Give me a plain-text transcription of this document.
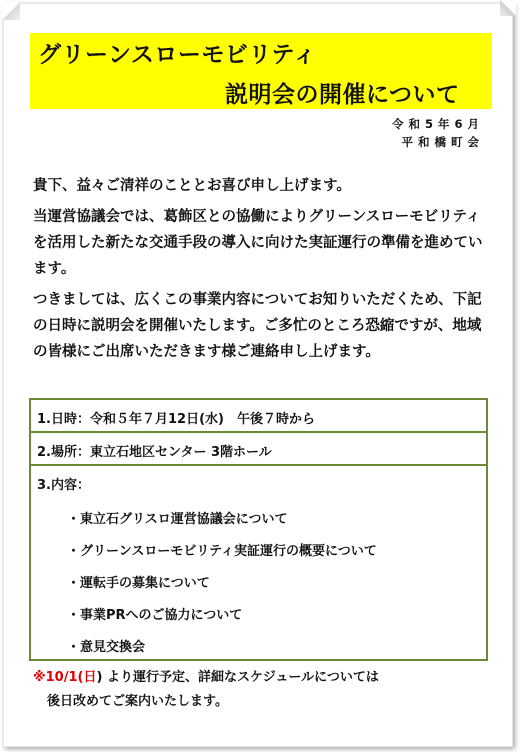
グリーンスローモビリティ
説明会の開催について
令和5年6月
平和橋町会

貴下、益々ご清祥のこととお喜び申し上げます。

当運営協議会では、葛飾区との協働によりグリーンスローモビリティを活用した新たな交通手段の導入に向けた実証運行の準備を進めています。

つきましては、広くこの事業内容についてお知りいただくため、下記の日時に説明会を開催いたします。ご多忙のところ恐縮ですが、地域の皆様にご出席いただきます様ご連絡申し上げます。

1.日時：令和５年７月12日(水)　午後７時から
2.場所：東立石地区センター 3階ホール
3.内容：
・東立石グリスロ運営協議会について
・グリーンスローモビリティ実証運行の概要について
・運転手の募集について
・事業PRへのご協力について
・意見交換会
※10/1(日) より運行予定、詳細なスケジュールについては
後日改めてご案内いたします。
